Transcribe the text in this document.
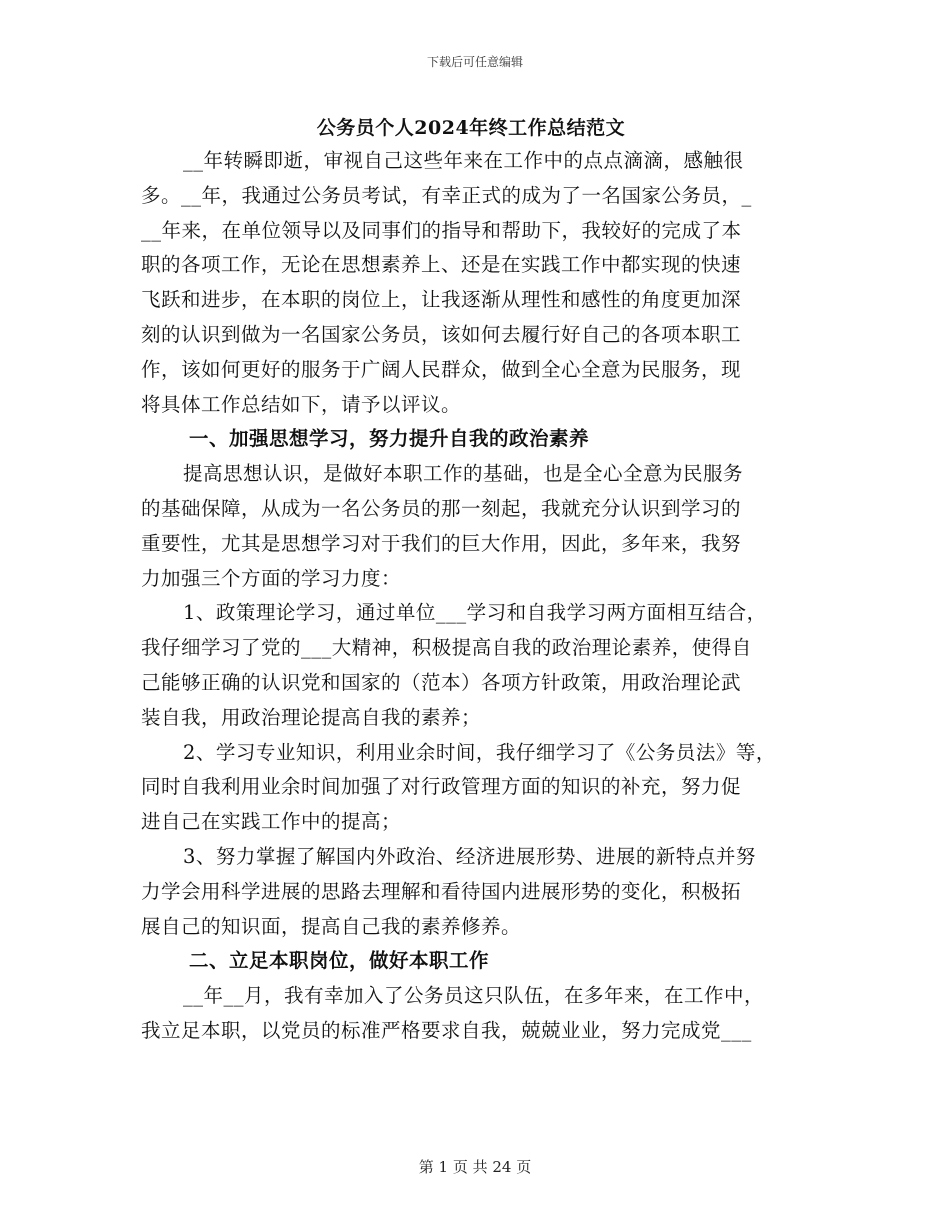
下载后可任意编辑
公务员个人2024年终工作总结范文
__年转瞬即逝，审视自己这些年来在工作中的点点滴滴，感触很
多。__年，我通过公务员考试，有幸正式的成为了一名国家公务员，_
__年来，在单位领导以及同事们的指导和帮助下，我较好的完成了本
职的各项工作，无论在思想素养上、还是在实践工作中都实现的快速
飞跃和进步，在本职的岗位上，让我逐渐从理性和感性的角度更加深
刻的认识到做为一名国家公务员，该如何去履行好自己的各项本职工
作，该如何更好的服务于广阔人民群众，做到全心全意为民服务，现
将具体工作总结如下，请予以评议。
一、加强思想学习，努力提升自我的政治素养
提高思想认识，是做好本职工作的基础，也是全心全意为民服务
的基础保障，从成为一名公务员的那一刻起，我就充分认识到学习的
重要性，尤其是思想学习对于我们的巨大作用，因此，多年来，我努
力加强三个方面的学习力度：
1、政策理论学习，通过单位___学习和自我学习两方面相互结合，
我仔细学习了党的___大精神，积极提高自我的政治理论素养，使得自
己能够正确的认识党和国家的（范本）各项方针政策，用政治理论武
装自我，用政治理论提高自我的素养；
2、学习专业知识，利用业余时间，我仔细学习了《公务员法》等，
同时自我利用业余时间加强了对行政管理方面的知识的补充，努力促
进自己在实践工作中的提高；
3、努力掌握了解国内外政治、经济进展形势、进展的新特点并努
力学会用科学进展的思路去理解和看待国内进展形势的变化，积极拓
展自己的知识面，提高自己我的素养修养。
二、立足本职岗位，做好本职工作
__年__月，我有幸加入了公务员这只队伍，在多年来，在工作中，
我立足本职，以党员的标准严格要求自我，兢兢业业，努力完成党___
第 1 页 共 24 页
